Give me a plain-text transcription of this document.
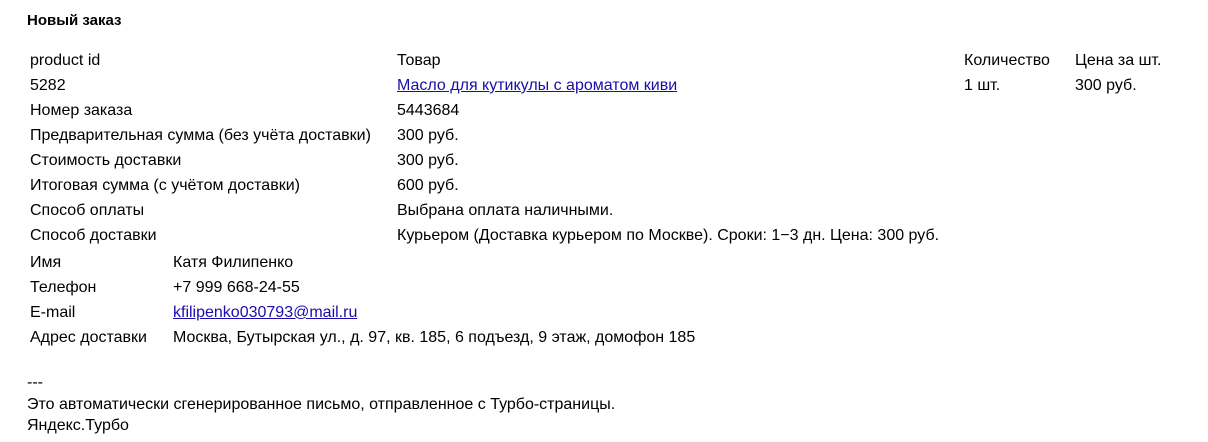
Новый заказ
product id	Товар	Количество Цена за шт.
5282	Масло для кутикулы с ароматом киви	1 шт.	300 руб.
Номер заказа	5443684
Предварительная сумма (без учёта доставки) 300 руб.
Стоимость доставки	300 руб.
Итоговая сумма (с учётом доставки)	600 руб.
Способ оплаты	Выбрана оплата наличными.
Способ доставки	Курьером (Доставка курьером по Москве). Сроки: 1−3 дн. Цена: 300 руб.
Имя	Катя Филипенко
Телефон	+7 999 668-24-55
E-mail	kfilipenko030793@mail.ru
Адрес доставки Москва, Бутырская ул., д. 97, кв. 185, 6 подъезд, 9 этаж, домофон 185
---
Это автоматически сгенерированное письмо, отправленное с Турбо-страницы.
Яндекс.Турбо
